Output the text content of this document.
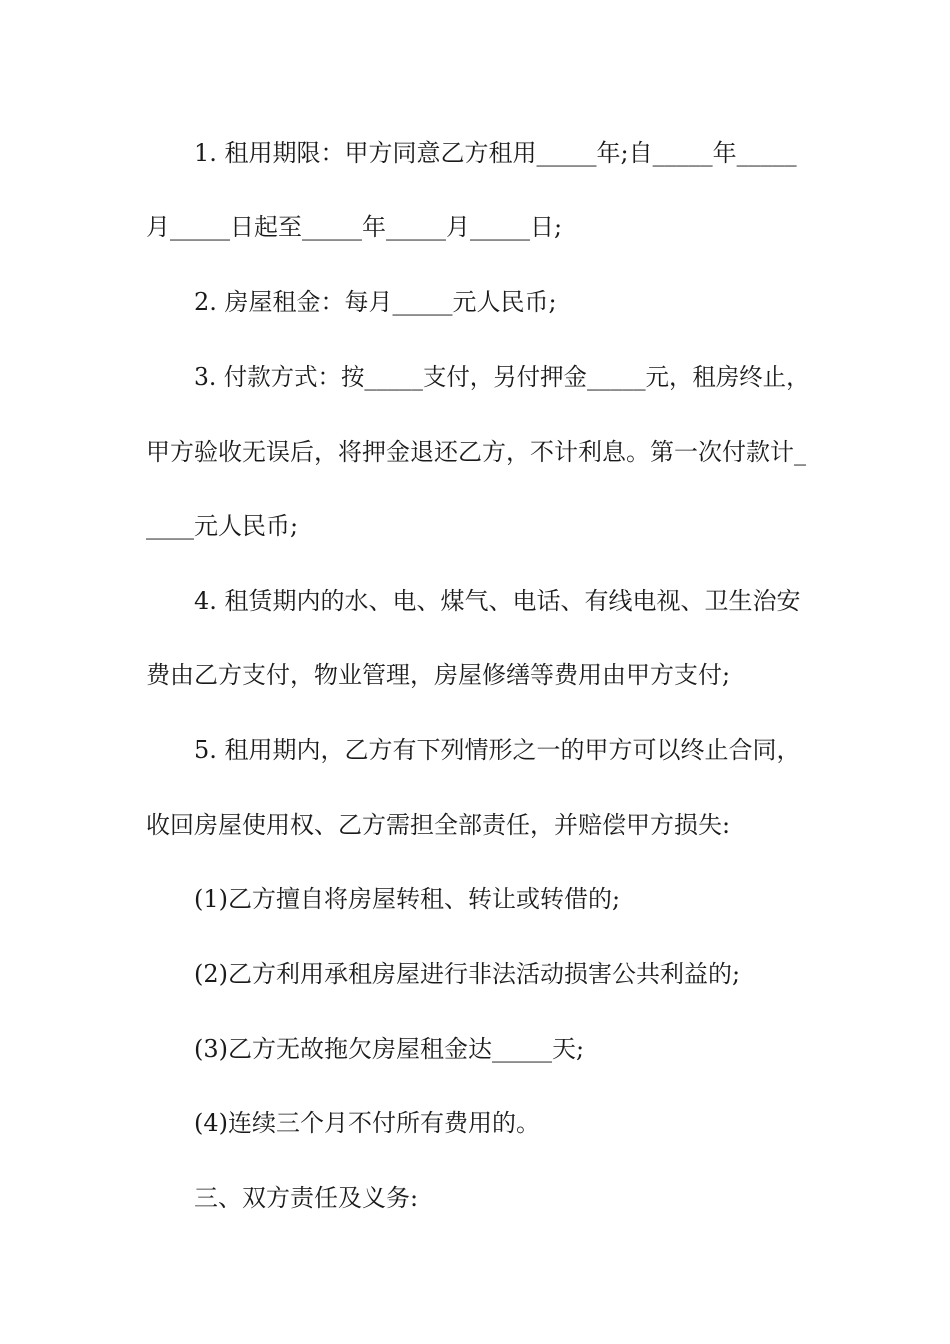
1. 租用期限：甲方同意乙方租用_____年;自_____年_____
月_____日起至_____年_____月_____日;
2. 房屋租金：每月_____元人民币;
3. 付款方式：按_____支付，另付押金_____元，租房终止，
甲方验收无误后，将押金退还乙方，不计利息。第一次付款计_
____元人民币;
4. 租赁期内的水、电、煤气、电话、有线电视、卫生治安
费由乙方支付，物业管理，房屋修缮等费用由甲方支付;
5. 租用期内，乙方有下列情形之一的甲方可以终止合同，
收回房屋使用权、乙方需担全部责任，并赔偿甲方损失:
(1)乙方擅自将房屋转租、转让或转借的;
(2)乙方利用承租房屋进行非法活动损害公共利益的;
(3)乙方无故拖欠房屋租金达_____天;
(4)连续三个月不付所有费用的。
三、双方责任及义务:
